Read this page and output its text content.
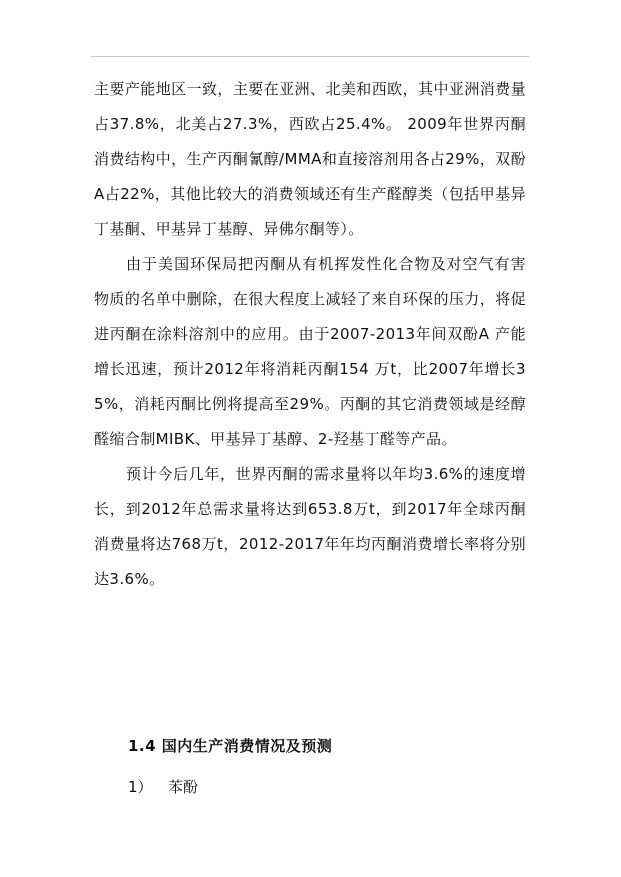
主要产能地区一致，主要在亚洲、北美和西欧，其中亚洲消费量占37.8%，北美占27.3%，西欧占25.4%。 2009年世界丙酮消费结构中，生产丙酮氰醇/MMA和直接溶剂用各占29%，双酚A占22%，其他比较大的消费领域还有生产醛醇类（包括甲基异丁基酮、甲基异丁基醇、异佛尔酮等）。

由于美国环保局把丙酮从有机挥发性化合物及对空气有害物质的名单中删除，在很大程度上减轻了来自环保的压力，将促进丙酮在涂料溶剂中的应用。由于2007-2013年间双酚A 产能增长迅速，预计2012年将消耗丙酮154 万t，比2007年增长35%，消耗丙酮比例将提高至29%。丙酮的其它消费领域是经醇醛缩合制MIBK、甲基异丁基醇、2-羟基丁醛等产品。

预计今后几年，世界丙酮的需求量将以年均3.6%的速度增长，到2012年总需求量将达到653.8万t，到2017年全球丙酮消费量将达768万t，2012-2017年年均丙酮消费增长率将分别达3.6%。

1.4 国内生产消费情况及预测

1） 苯酚
